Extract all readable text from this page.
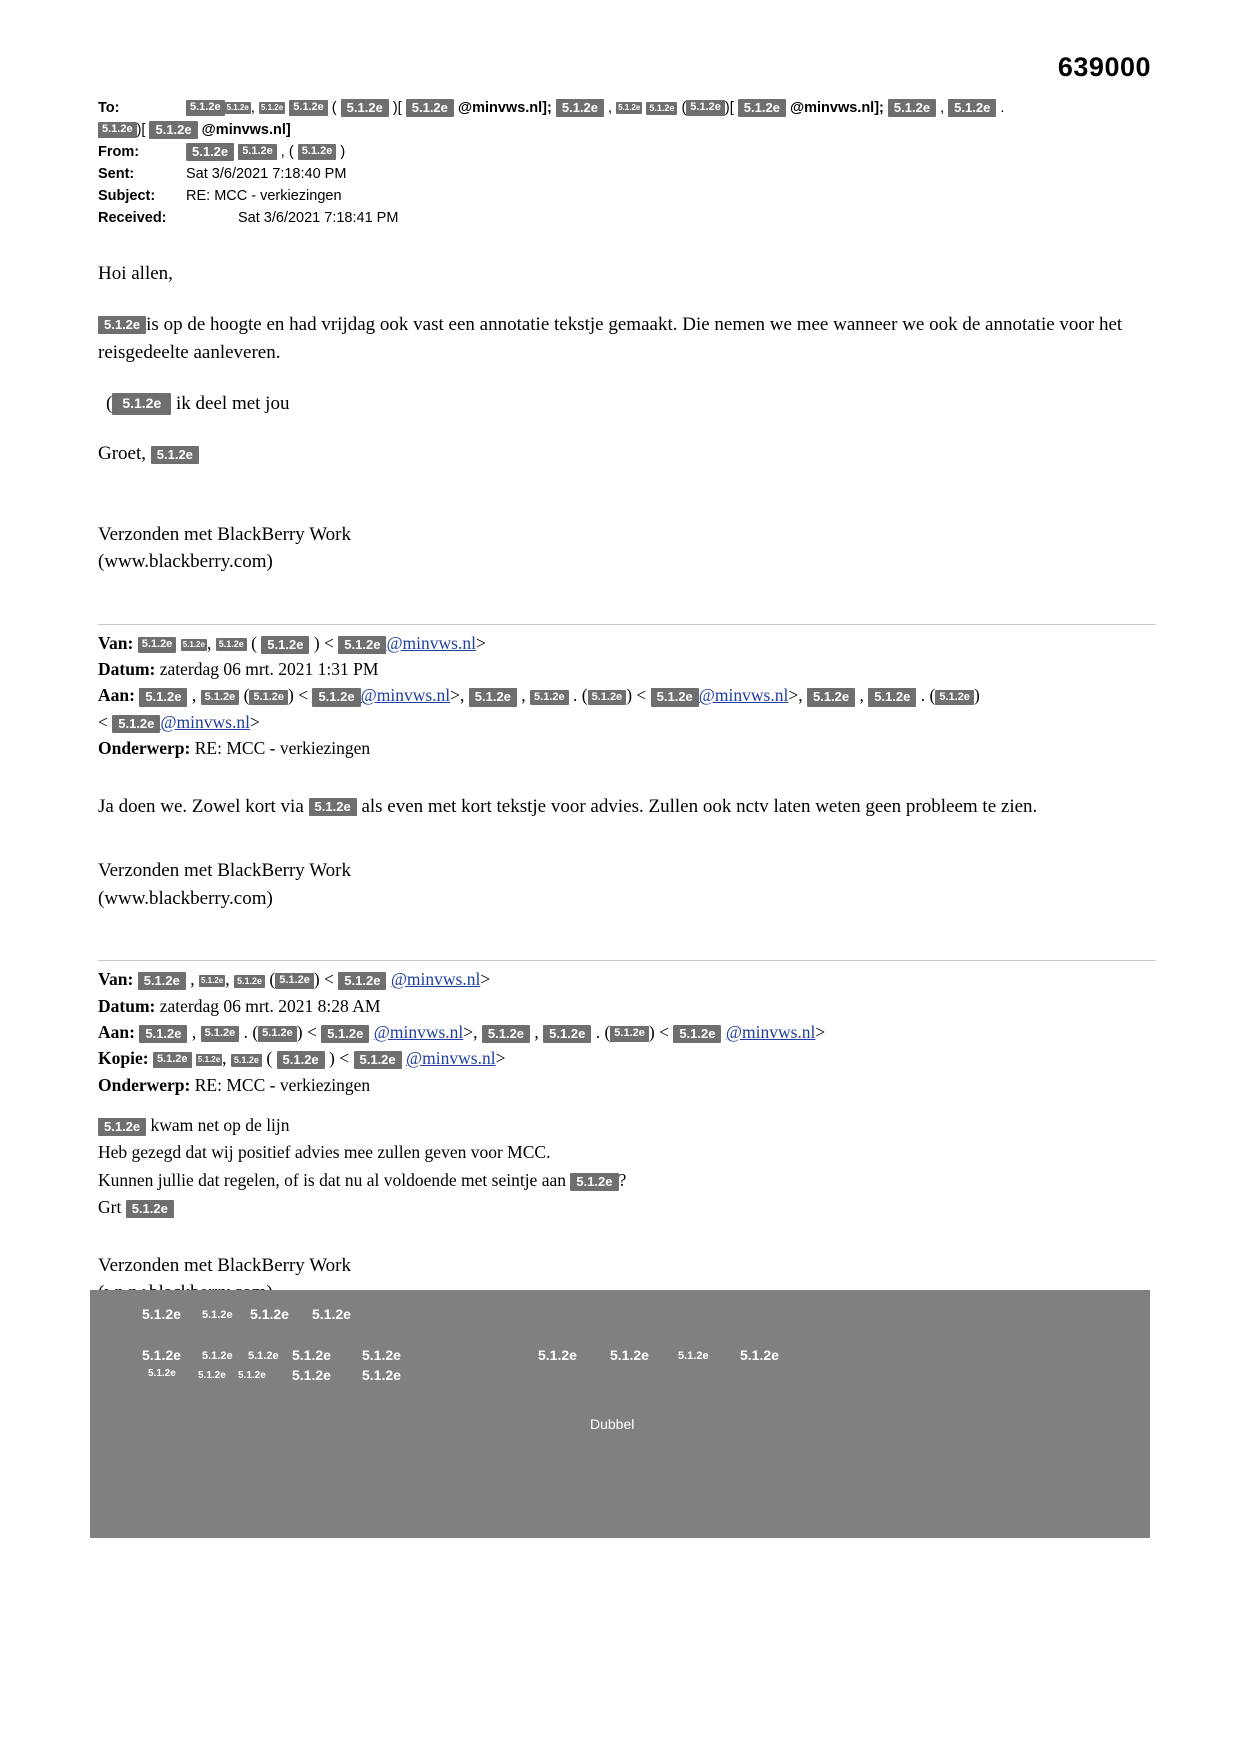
639000
To:	5.1.2e 5.1.2e , 5.1.2e 5.1.2e ( 5.1.2e )[ 5.1.2e @minvws.nl]; 5.1.2e , 5.1.2e 5.1.2e ( 5.1.2e )[ 5.1.2e @minvws.nl]; 5.1.2e , 5.1.2e .
5.1.2e )[ 5.1.2e @minvws.nl]
From:	5.1.2e 5.1.2e , ( 5.1.2e )
Sent:	Sat 3/6/2021 7:18:40 PM
Subject: RE: MCC - verkiezingen
Received:	Sat 3/6/2021 7:18:41 PM

Hoi allen,

5.1.2e is op de hoogte en had vrijdag ook vast een annotatie tekstje gemaakt. Die nemen we mee wanneer we ook de annotatie voor het reisgedeelte aanleveren.

( 5.1.2e ik deel met jou

Groet, 5.1.2e

Verzonden met BlackBerry Work

(www.blackberry.com)

Van: 5.1.2e 5.1.2e , 5.1.2e ( 5.1.2e ) < 5.1.2e @minvws.nl>

Datum: zaterdag 06 mrt. 2021 1:31 PM

Aan: 5.1.2e , 5.1.2e ( 5.1.2e ) < 5.1.2e @minvws.nl>, 5.1.2e , 5.1.2e . ( 5.1.2e ) < 5.1.2e @minvws.nl>, 5.1.2e , 5.1.2e . ( 5.1.2e )

< 5.1.2e @minvws.nl>

Onderwerp: RE: MCC - verkiezingen

Ja doen we. Zowel kort via 5.1.2e als even met kort tekstje voor advies. Zullen ook nctv laten weten geen probleem te zien.

Verzonden met BlackBerry Work

(www.blackberry.com)

Van: 5.1.2e , 5.1.2e , 5.1.2e ( 5.1.2e ) < 5.1.2e @minvws.nl>

Datum: zaterdag 06 mrt. 2021 8:28 AM

Aan: 5.1.2e , 5.1.2e . ( 5.1.2e ) < 5.1.2e @minvws.nl>, 5.1.2e , 5.1.2e . ( 5.1.2e ) < 5.1.2e @minvws.nl>

Kopie: 5.1.2e 5.1.2e , 5.1.2e ( 5.1.2e ) < 5.1.2e @minvws.nl>

Onderwerp: RE: MCC - verkiezingen

5.1.2e kwam net op de lijn

Heb gezegd dat wij positief advies mee zullen geven voor MCC.

Kunnen jullie dat regelen, of is dat nu al voldoende met seintje aan 5.1.2e ?

Grt 5.1.2e

Verzonden met BlackBerry Work

Dubbel
5.1.2e 5.1.2e 5.1.2e 5.1.2e
5.1.2e 5.1.2e 5.1.2e 5.1.2e 5.1.2e	5.1.2e 5.1.2e	5.1.2e 5.1.2e
5.1.2e 5.1.2e 5.1.2e 5.1.2e 5.1.2e
